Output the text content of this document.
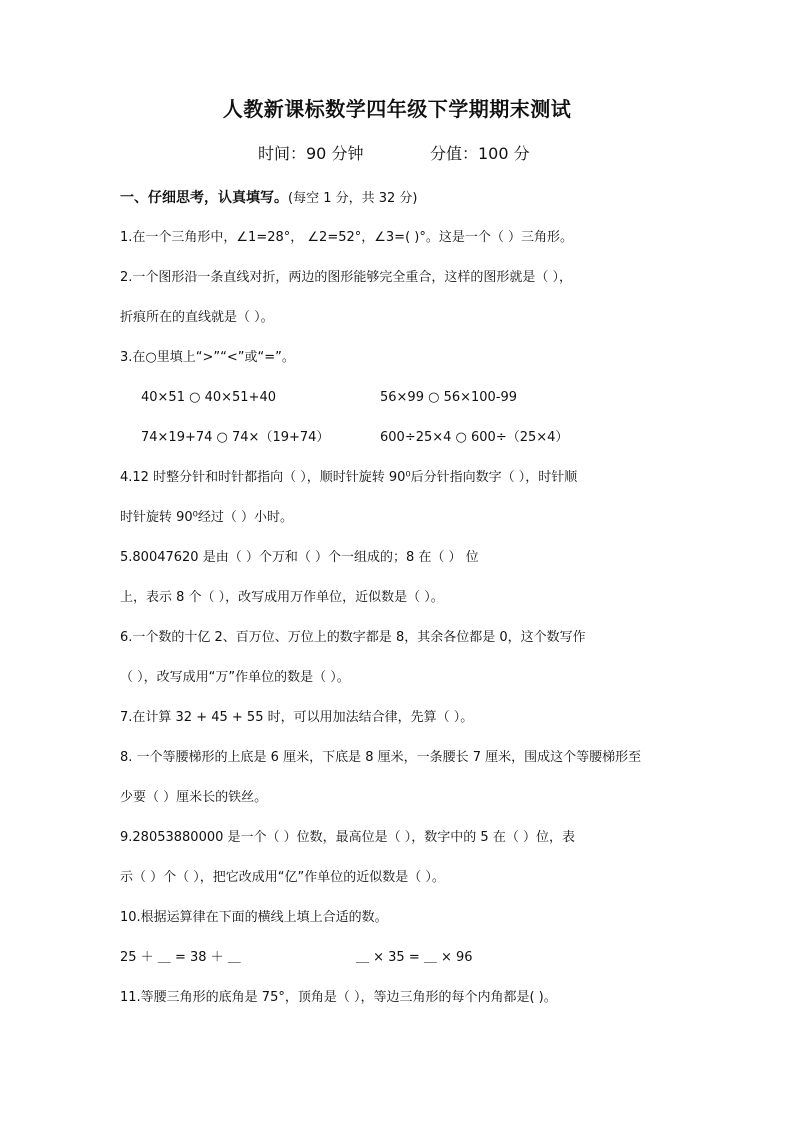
人教新课标数学四年级下学期期末测试
时间：90 分钟	分值：100 分
一、仔细思考，认真填写。(每空 1 分，共 32 分)
1.在一个三角形中，∠1=28°， ∠2=52°，∠3=( )°。这是一个（ ）三角形。
2.一个图形沿一条直线对折，两边的图形能够完全重合，这样的图形就是（ ），
折痕所在的直线就是（ ）。
3.在○里填上“>”“<”或“=”。
40×51 ○ 40×51+40	56×99 ○ 56×100-99
74×19+74 ○ 74×（19+74）	600÷25×4 ○ 600÷（25×4）
4.12 时整分针和时针都指向（ ），顺时针旋转 90⁰后分针指向数字（ ），时针顺
时针旋转 90⁰经过（ ）小时。
5.80047620 是由（ ）个万和（ ）个一组成的；8 在（ ） 位
上，表示 8 个（ ），改写成用万作单位，近似数是（ ）。
6.一个数的十亿 2、百万位、万位上的数字都是 8，其余各位都是 0，这个数写作
（ ），改写成用“万”作单位的数是（ ）。
7.在计算 32 + 45 + 55 时，可以用加法结合律，先算（ ）。
8. 一个等腰梯形的上底是 6 厘米，下底是 8 厘米，一条腰长 7 厘米，围成这个等腰梯形至
少要（ ）厘米长的铁丝。
9.28053880000 是一个（ ）位数，最高位是（ ），数字中的 5 在（ ）位，表
示（ ）个（ ），把它改成用“亿”作单位的近似数是（ ）。
10.根据运算律在下面的横线上填上合适的数。
25 ＋ ＿ = 38 ＋ ＿	＿ × 35 = ＿ × 96
11.等腰三角形的底角是 75°，顶角是（ ），等边三角形的每个内角都是( )。
